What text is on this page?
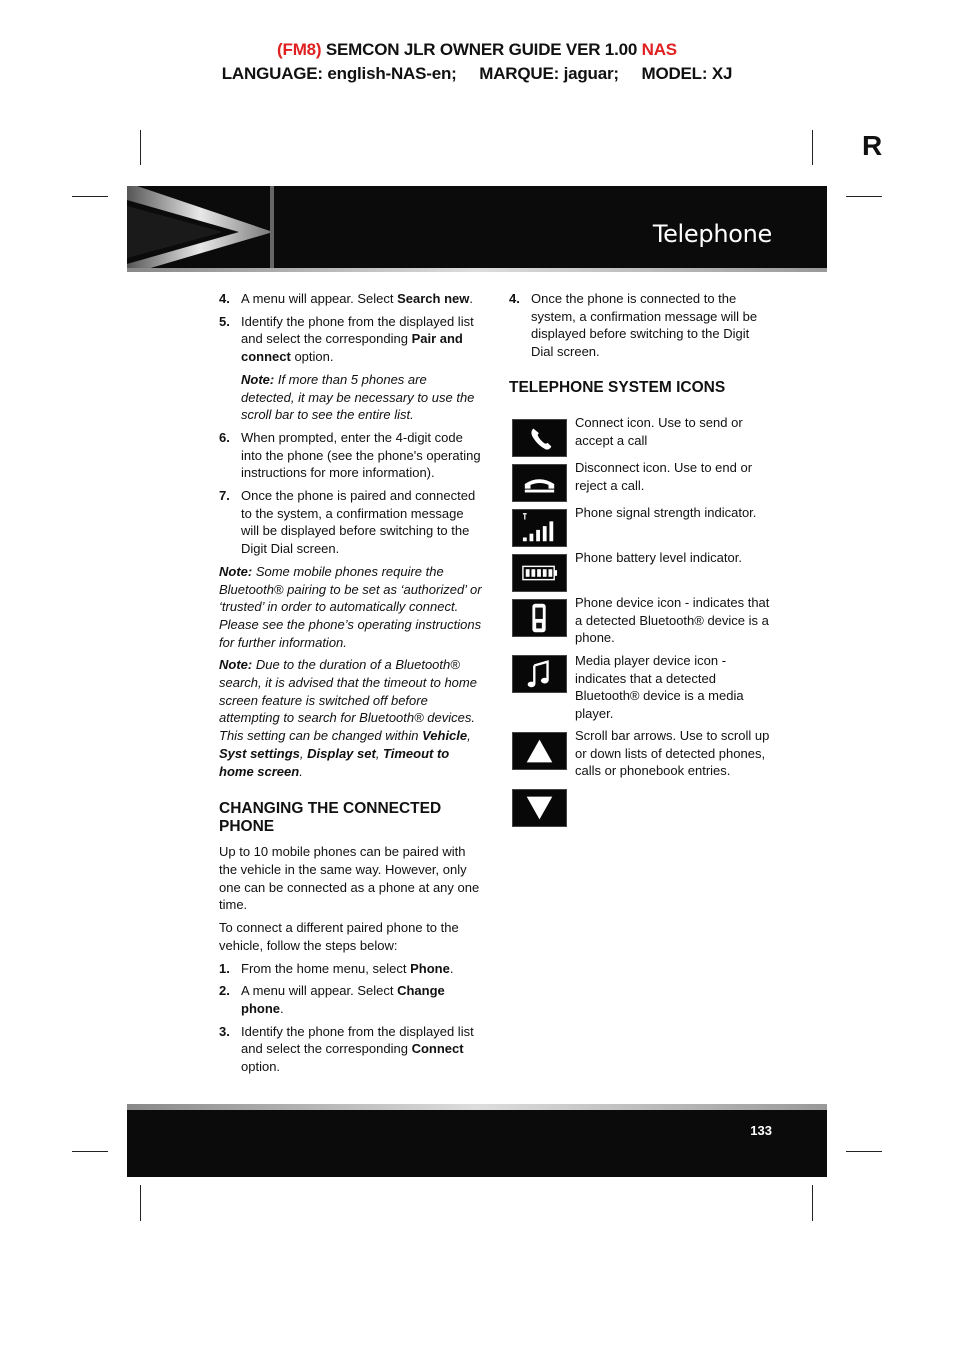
(FM8) SEMCON JLR OWNER GUIDE VER 1.00 NAS
LANGUAGE: english-NAS-en;     MARQUE: jaguar;     MODEL: XJ
R
Telephone
4. A menu will appear. Select Search new.
5. Identify the phone from the displayed list and select the corresponding Pair and connect option.
Note: If more than 5 phones are detected, it may be necessary to use the scroll bar to see the entire list.
6. When prompted, enter the 4-digit code into the phone (see the phone's operating instructions for more information).
7. Once the phone is paired and connected to the system, a confirmation message will be displayed before switching to the Digit Dial screen.
Note: Some mobile phones require the Bluetooth® pairing to be set as ‘authorized’ or ‘trusted’ in order to automatically connect. Please see the phone’s operating instructions for further information.
Note: Due to the duration of a Bluetooth® search, it is advised that the timeout to home screen feature is switched off before attempting to search for Bluetooth® devices. This setting can be changed within Vehicle, Syst settings, Display set, Timeout to home screen.
CHANGING THE CONNECTED PHONE
Up to 10 mobile phones can be paired with the vehicle in the same way. However, only one can be connected as a phone at any one time.
To connect a different paired phone to the vehicle, follow the steps below:
1. From the home menu, select Phone.
2. A menu will appear. Select Change phone.
3. Identify the phone from the displayed list and select the corresponding Connect option.
4. Once the phone is connected to the system, a confirmation message will be displayed before switching to the Digit Dial screen.
TELEPHONE SYSTEM ICONS
Connect icon. Use to send or accept a call
Disconnect icon. Use to end or reject a call.
Phone signal strength indicator.
Phone battery level indicator.
Phone device icon - indicates that a detected Bluetooth® device is a phone.
Media player device icon - indicates that a detected Bluetooth® device is a media player.
Scroll bar arrows. Use to scroll up or down lists of detected phones, calls or phonebook entries.
133
